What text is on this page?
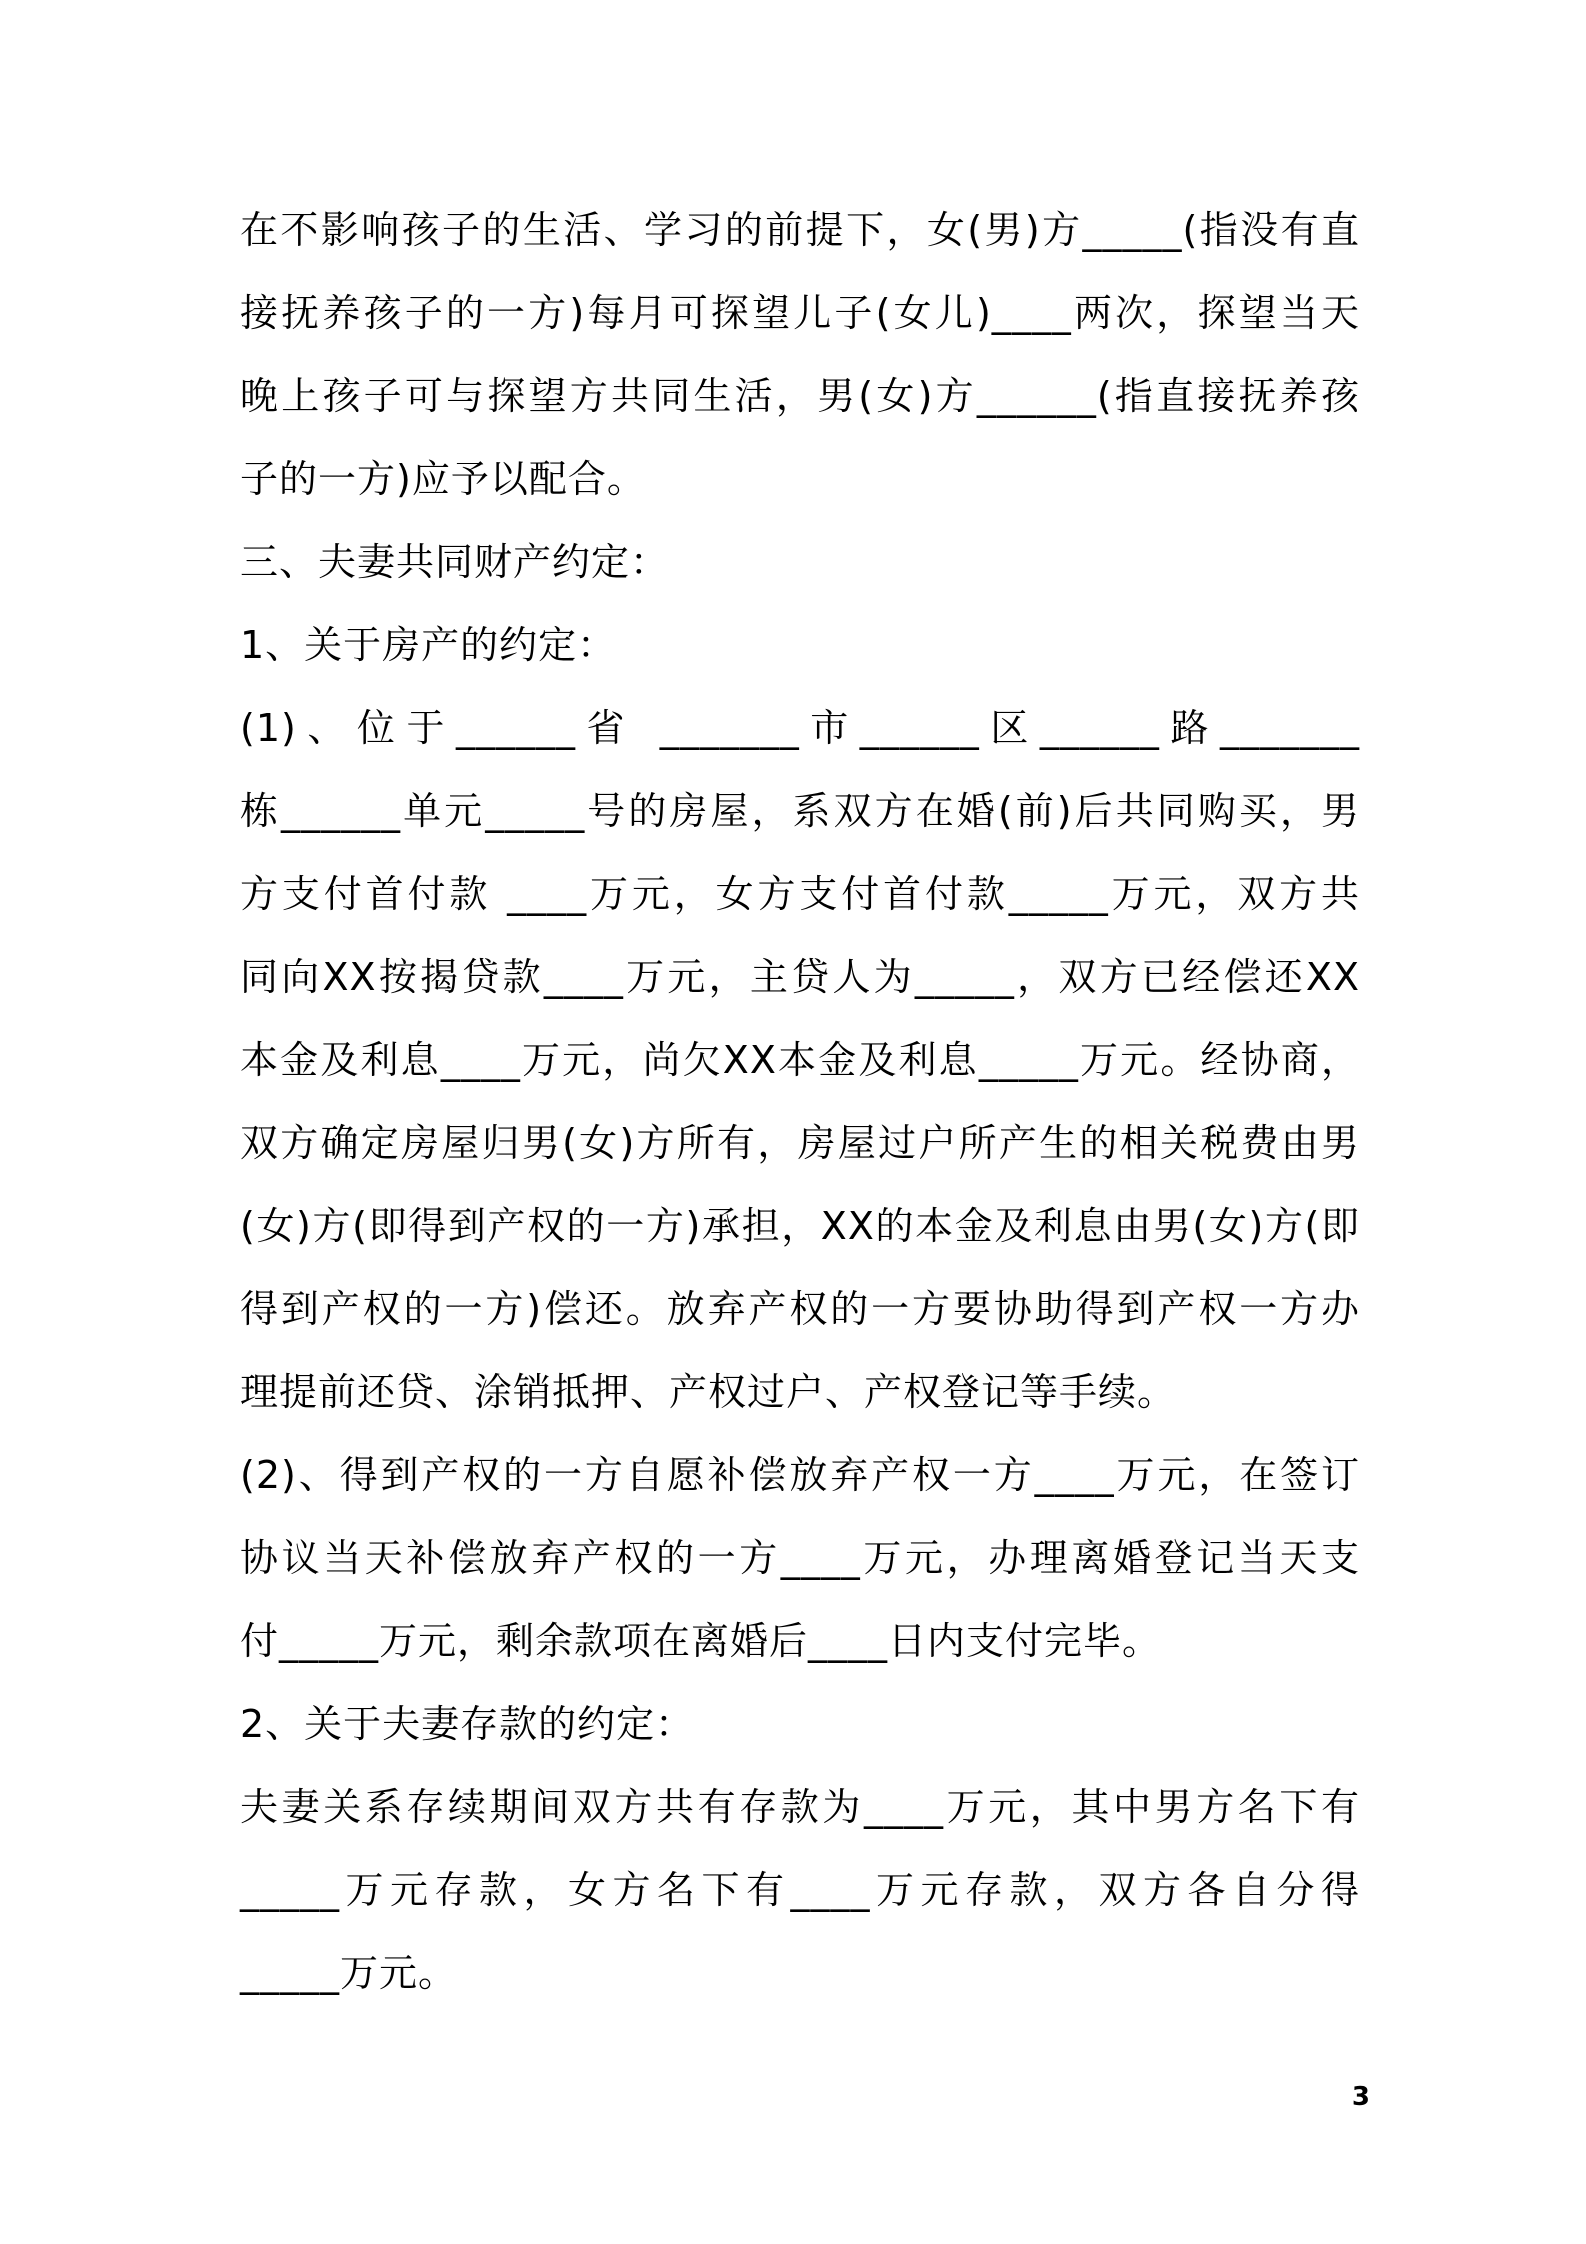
在不影响孩子的生活、学习的前提下，女(男)方_____(指没有直
接抚养孩子的一方)每月可探望儿子(女儿)____两次，探望当天
晚上孩子可与探望方共同生活，男(女)方______(指直接抚养孩
子的一方)应予以配合。
三、夫妻共同财产约定：
1、关于房产的约定：
(1)、位于______省 _______市______区______路_______
栋______单元_____号的房屋，系双方在婚(前)后共同购买，男
方支付首付款 ____万元，女方支付首付款_____万元，双方共
同向XX按揭贷款____万元，主贷人为_____，双方已经偿还XX
本金及利息____万元，尚欠XX本金及利息_____万元。经协商，
双方确定房屋归男(女)方所有，房屋过户所产生的相关税费由男
(女)方(即得到产权的一方)承担，XX的本金及利息由男(女)方(即
得到产权的一方)偿还。放弃产权的一方要协助得到产权一方办
理提前还贷、涂销抵押、产权过户、产权登记等手续。
(2)、得到产权的一方自愿补偿放弃产权一方____万元，在签订
协议当天补偿放弃产权的一方____万元，办理离婚登记当天支
付_____万元，剩余款项在离婚后____日内支付完毕。
2、关于夫妻存款的约定：
夫妻关系存续期间双方共有存款为____万元，其中男方名下有
_____万元存款，女方名下有____万元存款，双方各自分得
_____万元。
3
